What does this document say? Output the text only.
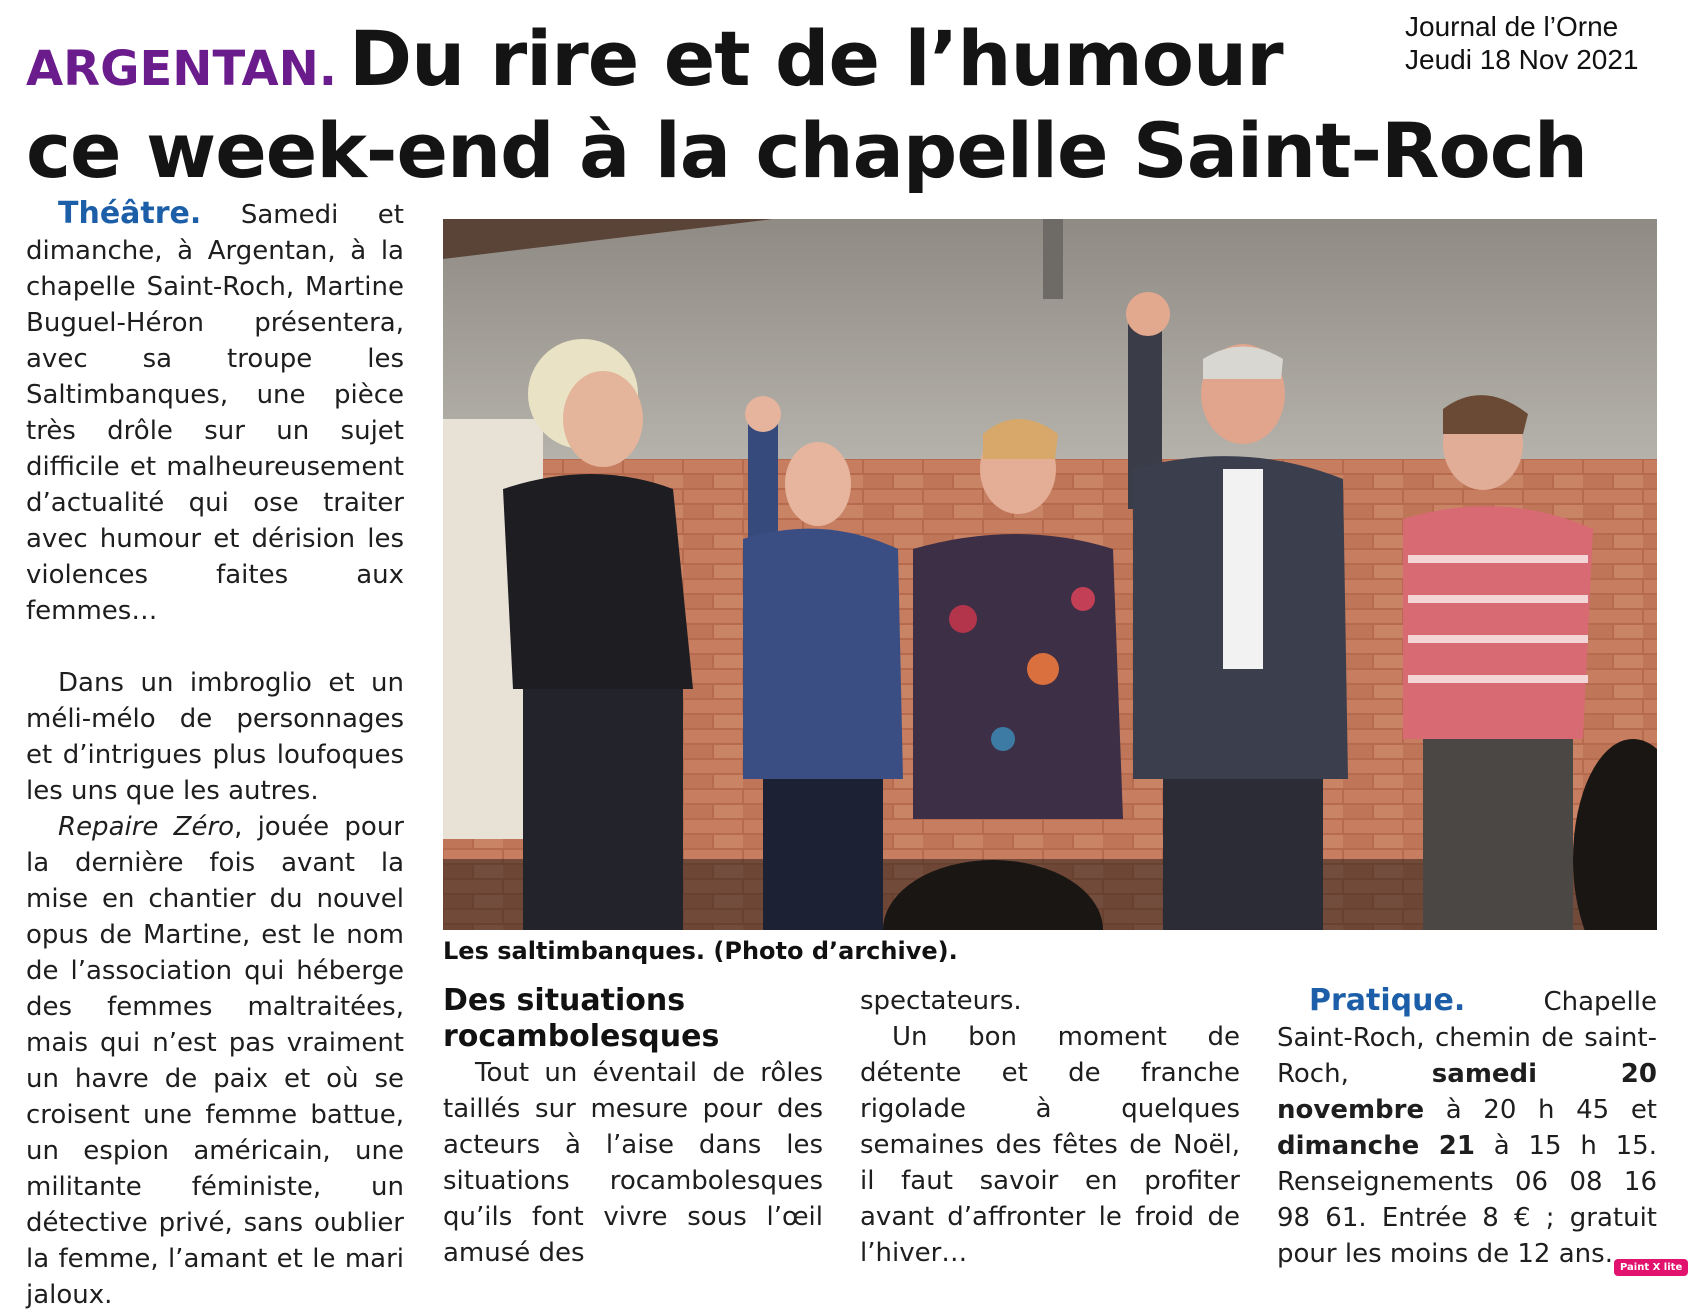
Journal de l’Orne
Jeudi 18 Nov 2021
ARGENTAN. Du rire et de l’humour
ce week-end à la chapelle Saint-Roch

Théâtre. Samedi et dimanche, à Argentan, à la chapelle Saint-Roch, Martine Buguel-Héron présentera, avec sa troupe les Saltimbanques, une pièce très drôle sur un sujet difficile et malheureusement d’actualité qui ose traiter avec humour et dérision les violences faites aux femmes…

Dans un imbroglio et un méli-mélo de personnages et d’intrigues plus loufoques les uns que les autres.

Repaire Zéro, jouée pour la dernière fois avant la mise en chantier du nouvel opus de Martine, est le nom de l’association qui héberge des femmes maltraitées, mais qui n’est pas vraiment un havre de paix et où se croisent une femme battue, un espion américain, une militante féministe, un détective privé, sans oublier la femme, l’amant et le mari jaloux.

Les saltimbanques. (Photo d’archive).
Des situations rocambolesques

Tout un éventail de rôles taillés sur mesure pour des acteurs à l’aise dans les situations rocambolesques qu’ils font vivre sous l’œil amusé des

spectateurs.

Un bon moment de détente et de franche rigolade à quelques semaines des fêtes de Noël, il faut savoir en profiter avant d’affronter le froid de l’hiver…

Pratique.	Chapelle Saint-Roch, chemin de saint-Roch,	samedi 20 novembre à 20 h 45 et dimanche 21 à 15 h 15. Renseignements 06 08 16 98 61. Entrée 8 € ; gratuit pour les moins de 12 ans. Paint X lite
